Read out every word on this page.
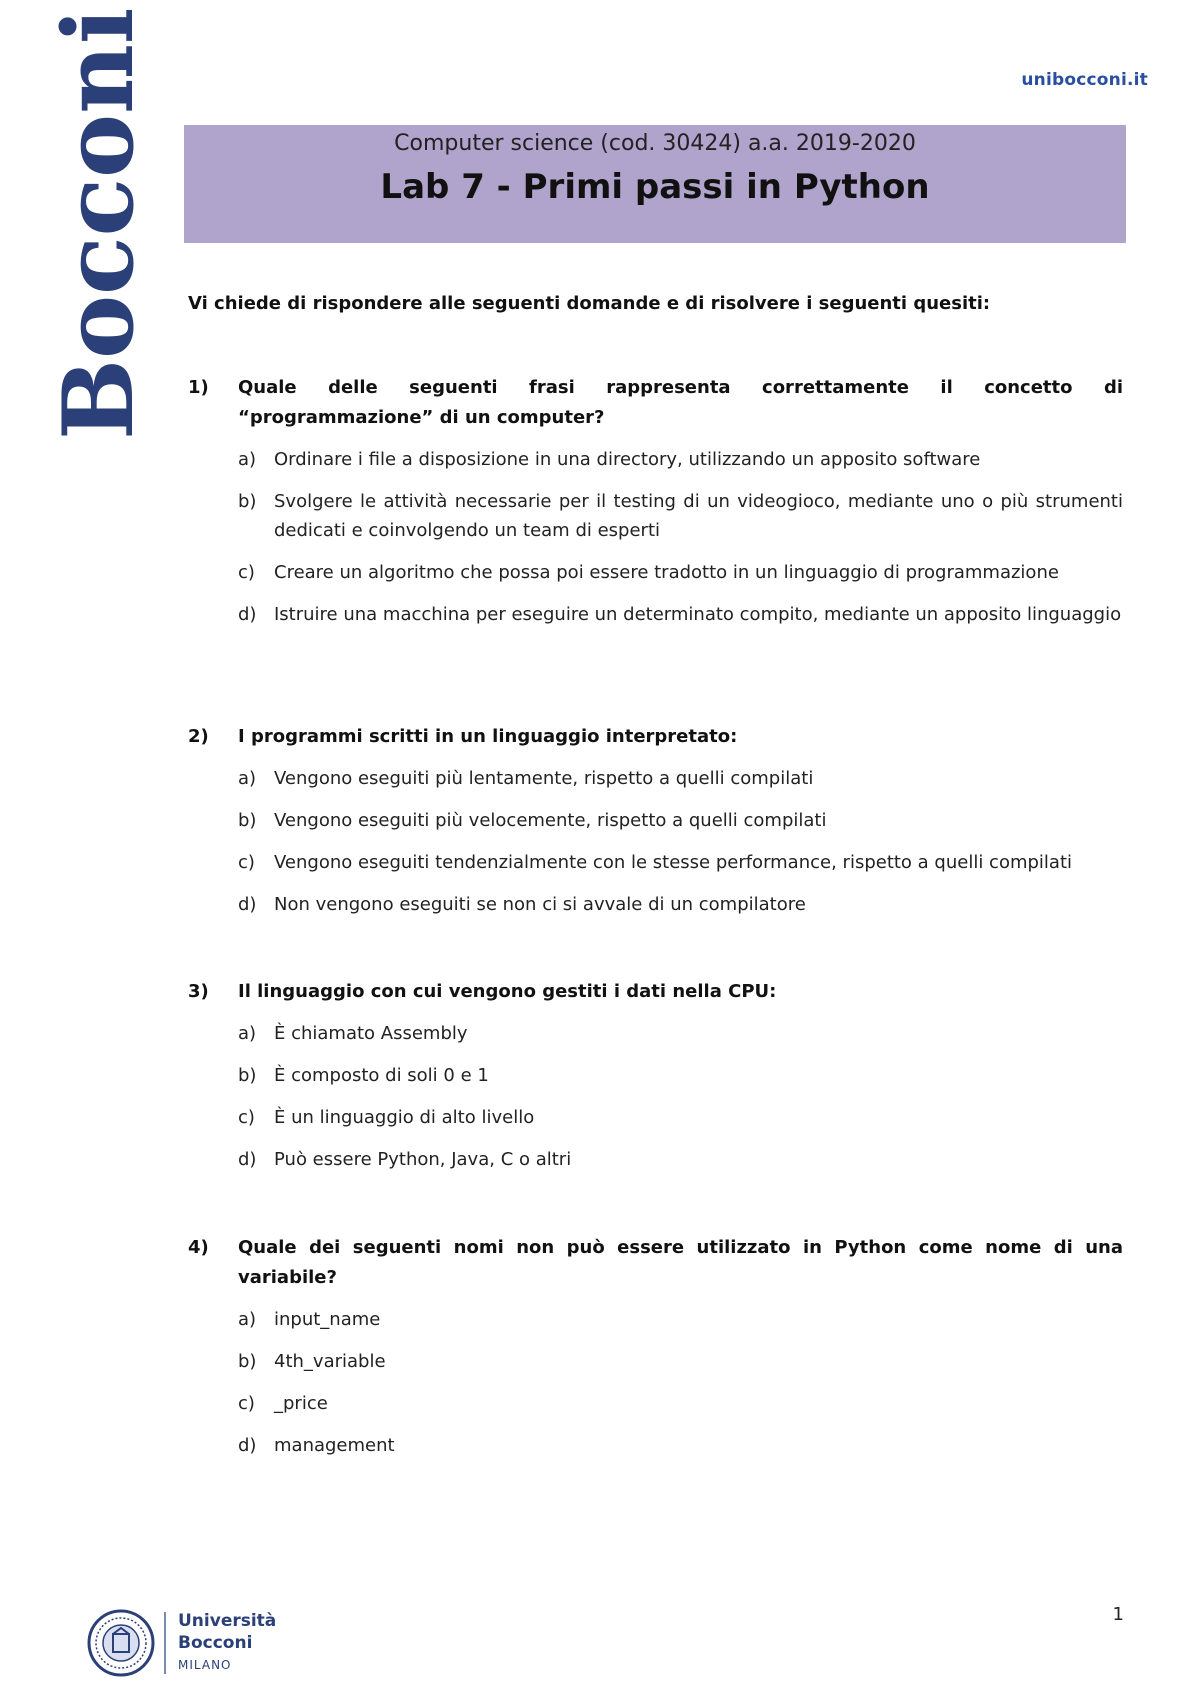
Bocconi	unibocconi.it
Computer science (cod. 30424) a.a. 2019-2020
Lab 7 - Primi passi in Python
Vi chiede di rispondere alle seguenti domande e di risolvere i seguenti quesiti:
1)	Quale delle seguenti frasi rappresenta correttamente il concetto di “programmazione” di un computer?
a) Ordinare i file a disposizione in una directory, utilizzando un apposito software
b) Svolgere le attività necessarie per il testing di un videogioco, mediante uno o più strumenti dedicati e coinvolgendo un team di esperti
c)	Creare un algoritmo che possa poi essere tradotto in un linguaggio di programmazione
d) Istruire una macchina per eseguire un determinato compito, mediante un apposito linguaggio
2)	I programmi scritti in un linguaggio interpretato:
a) Vengono eseguiti più lentamente, rispetto a quelli compilati
b) Vengono eseguiti più velocemente, rispetto a quelli compilati
c)	Vengono eseguiti tendenzialmente con le stesse performance, rispetto a quelli compilati
d) Non vengono eseguiti se non ci si avvale di un compilatore
3)	Il linguaggio con cui vengono gestiti i dati nella CPU:
a) È chiamato Assembly
b) È composto di soli 0 e 1
c)	È un linguaggio di alto livello
d) Può essere Python, Java, C o altri
4)	Quale dei seguenti nomi non può essere utilizzato in Python come nome di una variabile?
a) input_name
b) 4th_variable
c)	_price
d) management
1
Università
Bocconi
MILANO
